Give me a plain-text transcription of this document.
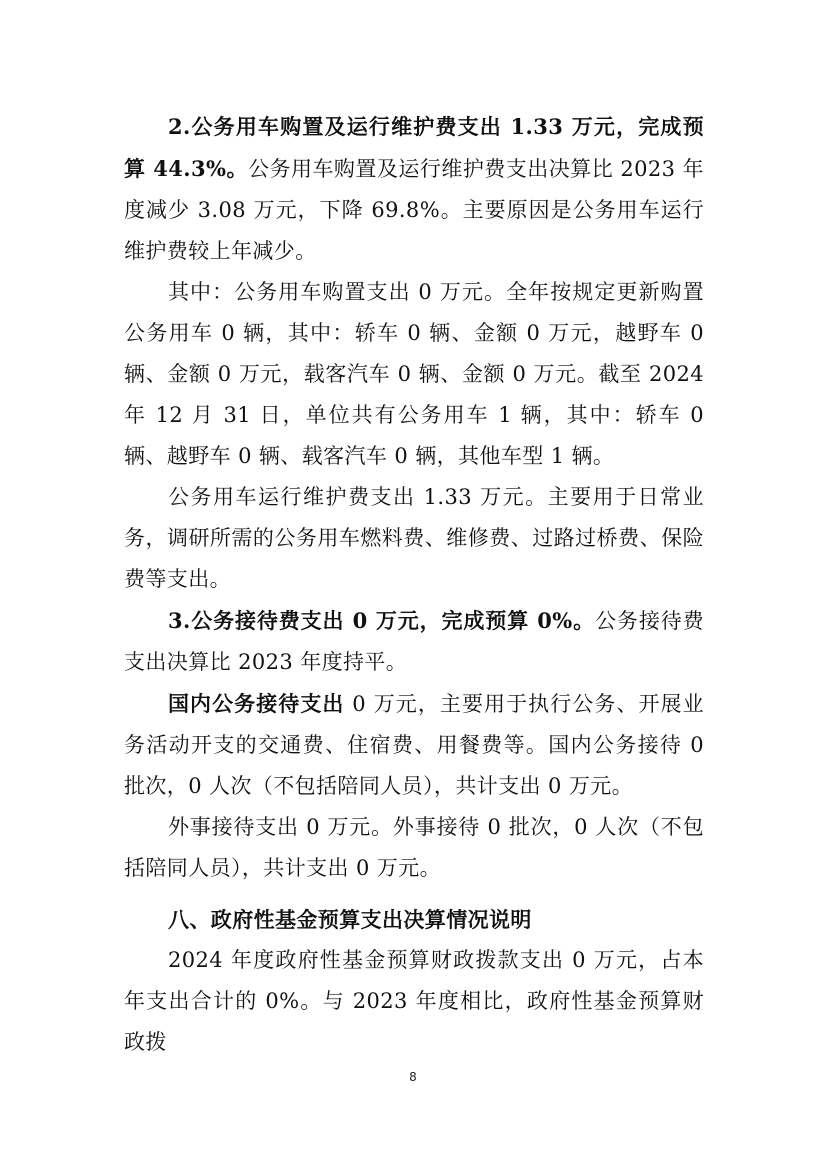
2.公务用车购置及运行维护费支出 1.33 万元，完成预算 44.3%。公务用车购置及运行维护费支出决算比 2023 年度减少 3.08 万元，下降 69.8%。主要原因是公务用车运行维护费较上年减少。

其中：公务用车购置支出 0 万元。全年按规定更新购置公务用车 0 辆，其中：轿车 0 辆、金额 0 万元，越野车 0 辆、金额 0 万元，载客汽车 0 辆、金额 0 万元。截至 2024 年 12 月 31 日，单位共有公务用车 1 辆，其中：轿车 0 辆、越野车 0 辆、载客汽车 0 辆，其他车型 1 辆。

公务用车运行维护费支出 1.33 万元。主要用于日常业务，调研所需的公务用车燃料费、维修费、过路过桥费、保险费等支出。

3.公务接待费支出 0 万元，完成预算 0%。公务接待费支出决算比 2023 年度持平。

国内公务接待支出 0 万元，主要用于执行公务、开展业务活动开支的交通费、住宿费、用餐费等。国内公务接待 0 批次，0 人次（不包括陪同人员），共计支出 0 万元。

外事接待支出 0 万元。外事接待 0 批次，0 人次（不包括陪同人员），共计支出 0 万元。

八、政府性基金预算支出决算情况说明

2024 年度政府性基金预算财政拨款支出 0 万元，占本年支出合计的 0%。与 2023 年度相比，政府性基金预算财政拨

8
